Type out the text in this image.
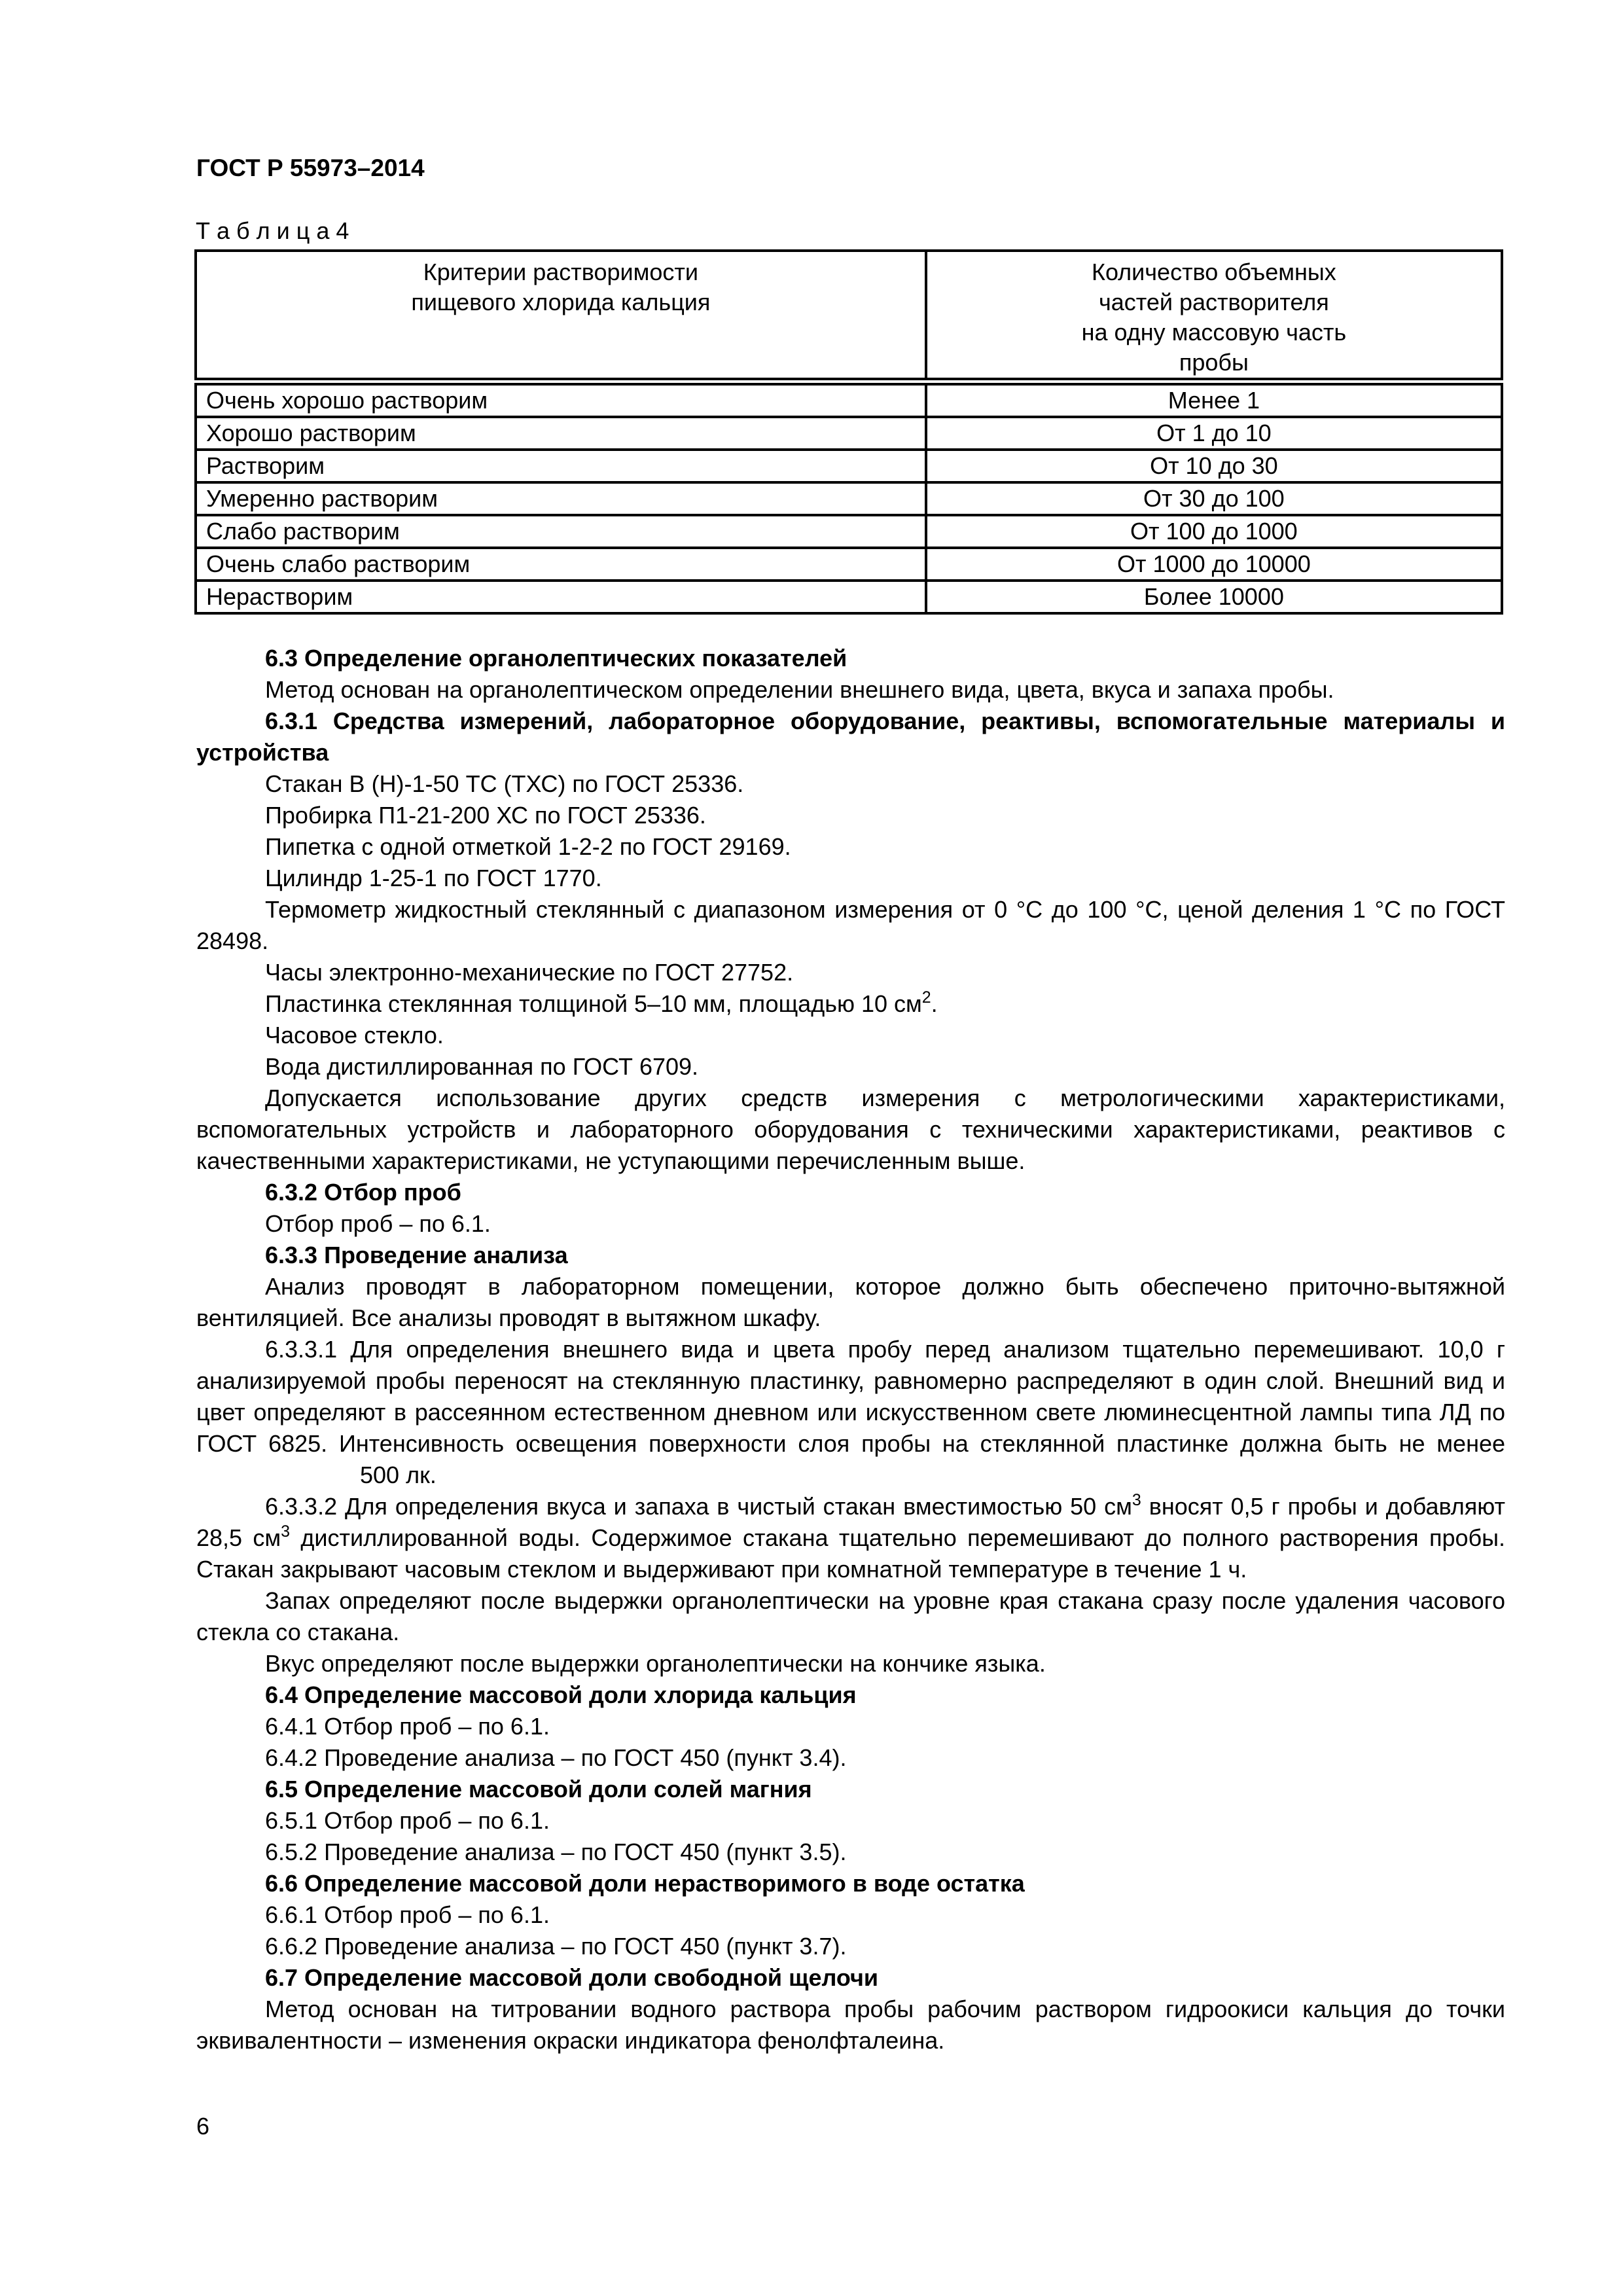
ГОСТ Р 55973–2014
Т а б л и ц а 4
Критерии растворимости
пищевого хлорида кальция

Количество объемных
частей растворителя
на одну массовую часть
пробы

Очень хорошо растворим	Менее 1
Хорошо растворим	От 1 до 10
Растворим	От 10 до 30
Умеренно растворим	От 30 до 100
Слабо растворим	От 100 до 1000
Очень слабо растворим	От 1000 до 10000
Нерастворим	Более 10000

6.3 Определение органолептических показателей

Метод основан на органолептическом определении внешнего вида, цвета, вкуса и запаха пробы.

6.3.1 Средства измерений, лабораторное оборудование, реактивы, вспомогательные материалы и устройства

Стакан В (Н)-1-50 ТС (ТХС) по ГОСТ 25336.

Пробирка П1-21-200 ХС по ГОСТ 25336.

Пипетка с одной отметкой 1-2-2 по ГОСТ 29169.

Цилиндр 1-25-1 по ГОСТ 1770.

Термометр жидкостный стеклянный с диапазоном измерения от 0 °С до 100 °С, ценой деления 1 °С по ГОСТ 28498.

Часы электронно-механические по ГОСТ 27752.

Пластинка стеклянная толщиной 5–10 мм, площадью 10 $см^2$.

Часовое стекло.

Вода дистиллированная по ГОСТ 6709.

Допускается использование других средств измерения с метрологическими характеристиками, вспомогательных устройств и лабораторного оборудования с техническими характеристиками, реактивов с качественными характеристиками, не уступающими перечисленным выше.

6.3.2 Отбор проб

Отбор проб – по 6.1.

6.3.3 Проведение анализа

Анализ проводят в лабораторном помещении, которое должно быть обеспечено приточно-вытяжной вентиляцией. Все анализы проводят в вытяжном шкафу.

6.3.3.1 Для определения внешнего вида и цвета пробу перед анализом тщательно перемешивают. 10,0 г анализируемой пробы переносят на стеклянную пластинку, равномерно распределяют в один слой. Внешний вид и цвет определяют в рассеянном естественном дневном или искусственном свете люминесцентной лампы типа ЛД по ГОСТ 6825. Интенсивность освещения поверхности слоя пробы на стеклянной пластинке должна быть не менее500 лк.

6.3.3.2 Для определения вкуса и запаха в чистый стакан вместимостью 50 $см^3$ вносят 0,5 г пробы и добавляют 28,5 $см^3$ дистиллированной воды. Содержимое стакана тщательно перемешивают до полного растворения пробы. Стакан закрывают часовым стеклом и выдерживают при комнатной температуре в течение 1 ч.

Запах определяют после выдержки органолептически на уровне края стакана сразу после удаления часового стекла со стакана.

Вкус определяют после выдержки органолептически на кончике языка.

6.4 Определение массовой доли хлорида кальция

6.4.1 Отбор проб – по 6.1.

6.4.2 Проведение анализа – по ГОСТ 450 (пункт 3.4).

6.5 Определение массовой доли солей магния

6.5.1 Отбор проб – по 6.1.

6.5.2 Проведение анализа – по ГОСТ 450 (пункт 3.5).

6.6 Определение массовой доли нерастворимого в воде остатка

6.6.1 Отбор проб – по 6.1.

6.6.2 Проведение анализа – по ГОСТ 450 (пункт 3.7).

6.7 Определение массовой доли свободной щелочи

Метод основан на титровании водного раствора пробы рабочим раствором гидроокиси кальция до точки эквивалентности – изменения окраски индикатора фенолфталеина.

6
